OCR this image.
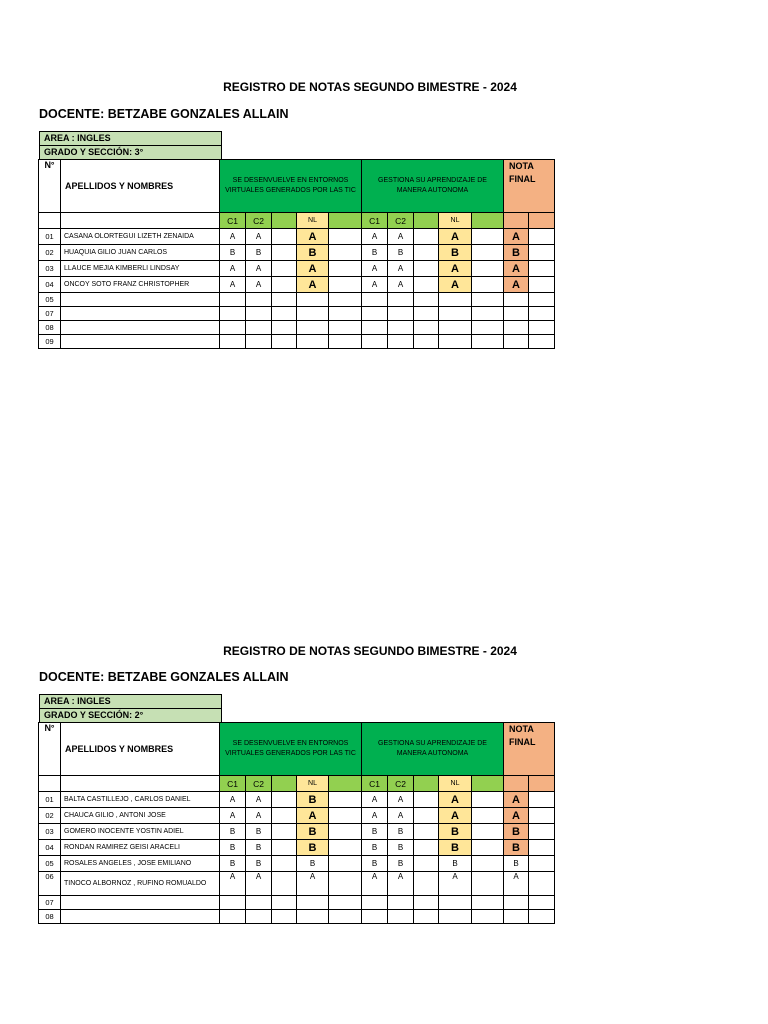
REGISTRO DE NOTAS SEGUNDO BIMESTRE - 2024
DOCENTE: BETZABE GONZALES ALLAIN
AREA : INGLES
GRADO Y SECCIÓN: 3°
N°	APELLIDOS Y NOMBRES	SE DESENVUELVE EN ENTORNOS VIRTUALES GENERADOS POR LAS TIC					GESTIONA SU APRENDIZAJE DE MANERA AUTONOMA					NOTA FINAL	
		C1	C2		NL		C1	C2		NL			
01	CASANA OLORTEGUI LIZETH ZENAIDA	A	A		A		A	A		A		A	
02	HUAQUIA GILIO JUAN CARLOS	B	B		B		B	B		B		B	
03	LLAUCE MEJIA KIMBERLI LINDSAY	A	A		A		A	A		A		A	
04	ONCOY SOTO FRANZ CHRISTOPHER	A	A		A		A	A		A		A	
05													
07													
08													
09													
REGISTRO DE NOTAS SEGUNDO BIMESTRE - 2024
DOCENTE: BETZABE GONZALES ALLAIN
AREA : INGLES
GRADO Y SECCIÓN: 2°
N°	APELLIDOS Y NOMBRES	SE DESENVUELVE EN ENTORNOS VIRTUALES GENERADOS POR LAS TIC					GESTIONA SU APRENDIZAJE DE MANERA AUTONOMA					NOTA FINAL	
		C1	C2		NL		C1	C2		NL			
01	BALTA CASTILLEJO , CARLOS DANIEL	A	A		B		A	A		A		A	
02	CHAUCA GILIO , ANTONI JOSE	A	A		A		A	A		A		A	
03	GOMERO INOCENTE YOSTIN ADIEL	B	B		B		B	B		B		B	
04	RONDAN RAMIREZ GEISI ARACELI	B	B		B		B	B		B		B	
05	ROSALES ANGELES , JOSE EMILIANO	B	B		B		B	B		B		B	
06	TINOCO ALBORNOZ , RUFINO ROMUALDO	A	A		A		A	A		A		A	
07													
08													
